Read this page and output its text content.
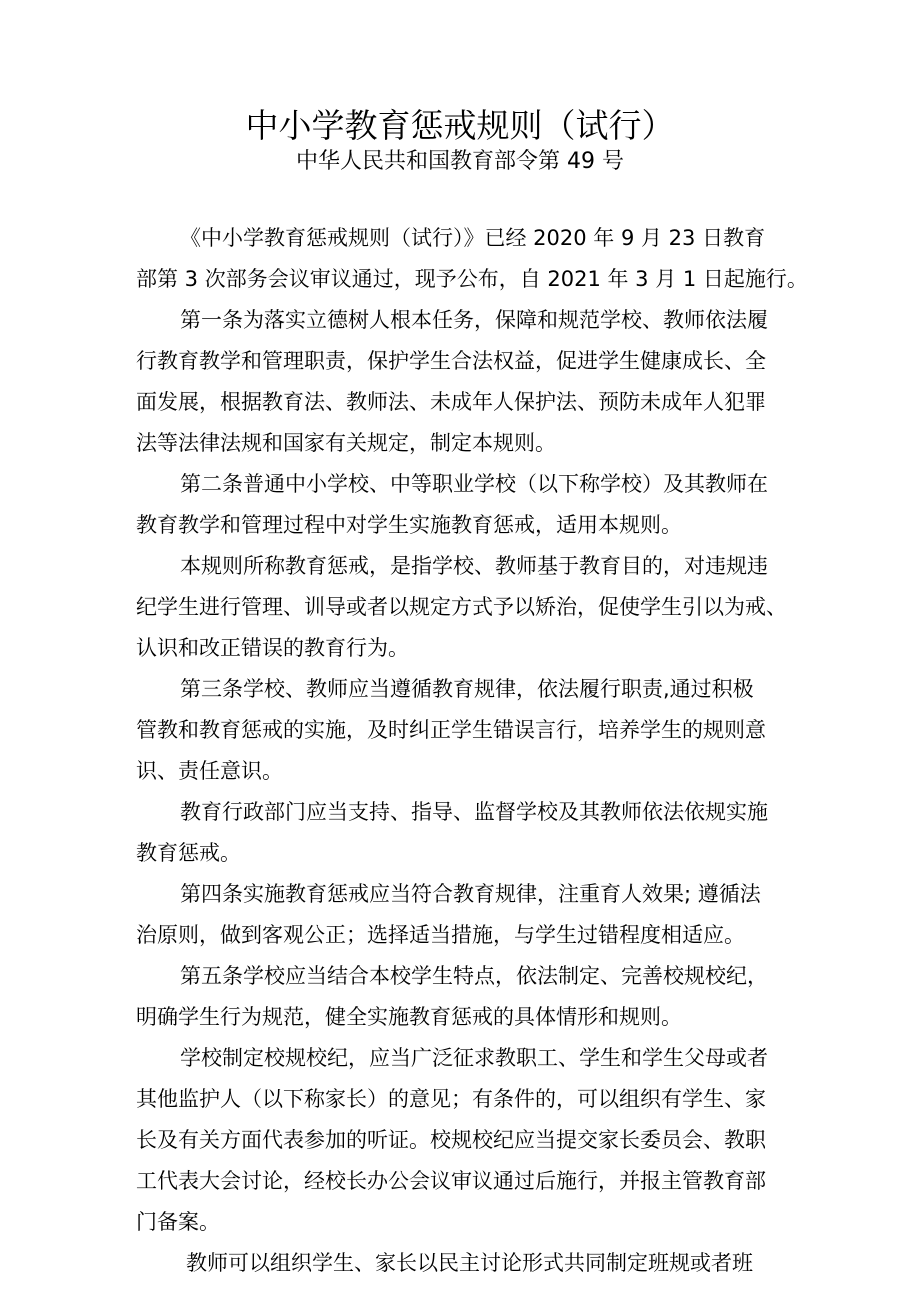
中小学教育惩戒规则（试行）
中华人民共和国教育部令第 49 号
《中小学教育惩戒规则（试行）》已经 2020 年 9 月 23 日教育
部第 3 次部务会议审议通过，现予公布，自 2021 年 3 月 1 日起施行。
第一条为落实立德树人根本任务，保障和规范学校、教师依法履
行教育教学和管理职责，保护学生合法权益，促进学生健康成长、全
面发展，根据教育法、教师法、未成年人保护法、预防未成年人犯罪
法等法律法规和国家有关规定，制定本规则。
第二条普通中小学校、中等职业学校（以下称学校）及其教师在
教育教学和管理过程中对学生实施教育惩戒，适用本规则。
本规则所称教育惩戒，是指学校、教师基于教育目的，对违规违
纪学生进行管理、训导或者以规定方式予以矫治，促使学生引以为戒、
认识和改正错误的教育行为。
第三条学校、教师应当遵循教育规律，依法履行职责,通过积极
管教和教育惩戒的实施，及时纠正学生错误言行，培养学生的规则意
识、责任意识。
教育行政部门应当支持、指导、监督学校及其教师依法依规实施
教育惩戒。
第四条实施教育惩戒应当符合教育规律，注重育人效果; 遵循法
治原则，做到客观公正；选择适当措施，与学生过错程度相适应。
第五条学校应当结合本校学生特点，依法制定、完善校规校纪，
明确学生行为规范，健全实施教育惩戒的具体情形和规则。
学校制定校规校纪，应当广泛征求教职工、学生和学生父母或者
其他监护人（以下称家长）的意见；有条件的，可以组织有学生、家
长及有关方面代表参加的听证。校规校纪应当提交家长委员会、教职
工代表大会讨论，经校长办公会议审议通过后施行，并报主管教育部
门备案。
教师可以组织学生、家长以民主讨论形式共同制定班规或者班
